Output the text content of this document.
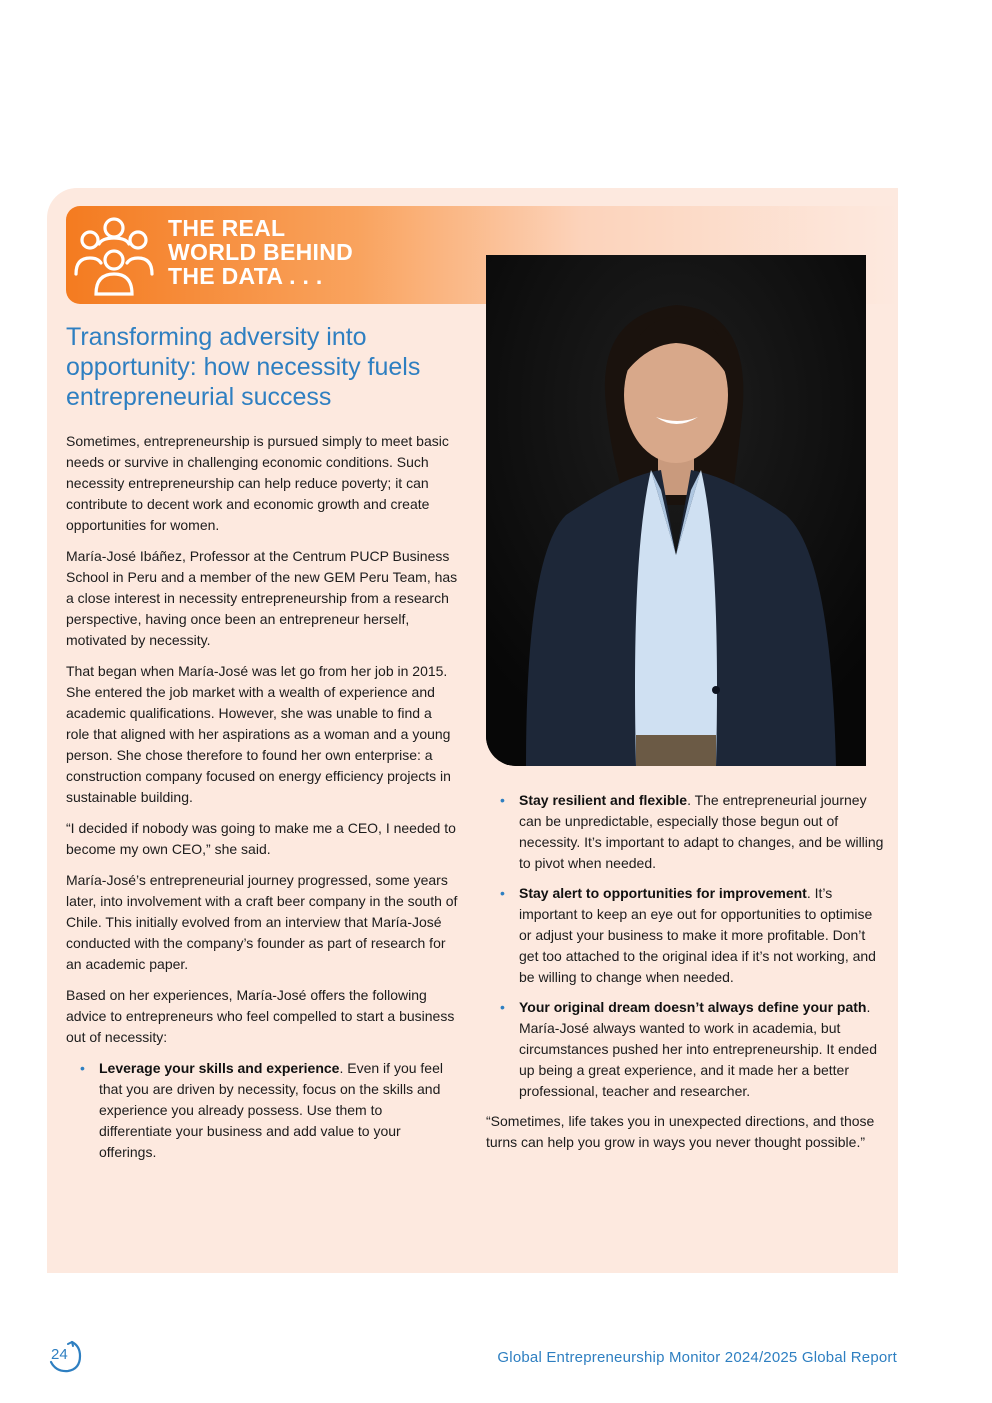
THE REAL
WORLD BEHIND
THE DATA . . .
Transforming adversity into opportunity: how necessity fuels entrepreneurial success

Sometimes, entrepreneurship is pursued simply to meet basic needs or survive in challenging economic conditions. Such necessity entrepreneurship can help reduce poverty; it can contribute to decent work and economic growth and create opportunities for women.

María-José Ibáñez, Professor at the Centrum PUCP Business School in Peru and a member of the new GEM Peru Team, has a close interest in necessity entrepreneurship from a research perspective, having once been an entrepreneur herself, motivated by necessity.

That began when María-José was let go from her job in 2015. She entered the job market with a wealth of experience and academic qualifications. However, she was unable to find a role that aligned with her aspirations as a woman and a young person. She chose therefore to found her own enterprise: a construction company focused on energy efficiency projects in sustainable building.

“I decided if nobody was going to make me a CEO, I needed to become my own CEO,” she said.

María-José’s entrepreneurial journey progressed, some years later, into involvement with a craft beer company in the south of Chile. This initially evolved from an interview that María-José conducted with the company’s founder as part of research for an academic paper.

Based on her experiences, María-José offers the following advice to entrepreneurs who feel compelled to start a business out of necessity:

• Leverage your skills and experience. Even if you feel that you are driven by necessity, focus on the skills and experience you already possess. Use them to differentiate your business and add value to your offerings.
• Stay resilient and flexible. The entrepreneurial journey can be unpredictable, especially those begun out of necessity. It’s important to adapt to changes, and be willing to pivot when needed.
• Stay alert to opportunities for improvement. It’s important to keep an eye out for opportunities to optimise or adjust your business to make it more profitable. Don’t get too attached to the original idea if it’s not working, and be willing to change when needed.
• Your original dream doesn’t always define your path. María-José always wanted to work in academia, but circumstances pushed her into entrepreneurship. It ended up being a great experience, and it made her a better professional, teacher and researcher.

“Sometimes, life takes you in unexpected directions, and those turns can help you grow in ways you never thought possible.”

24	Global Entrepreneurship Monitor 2024/2025 Global Report
